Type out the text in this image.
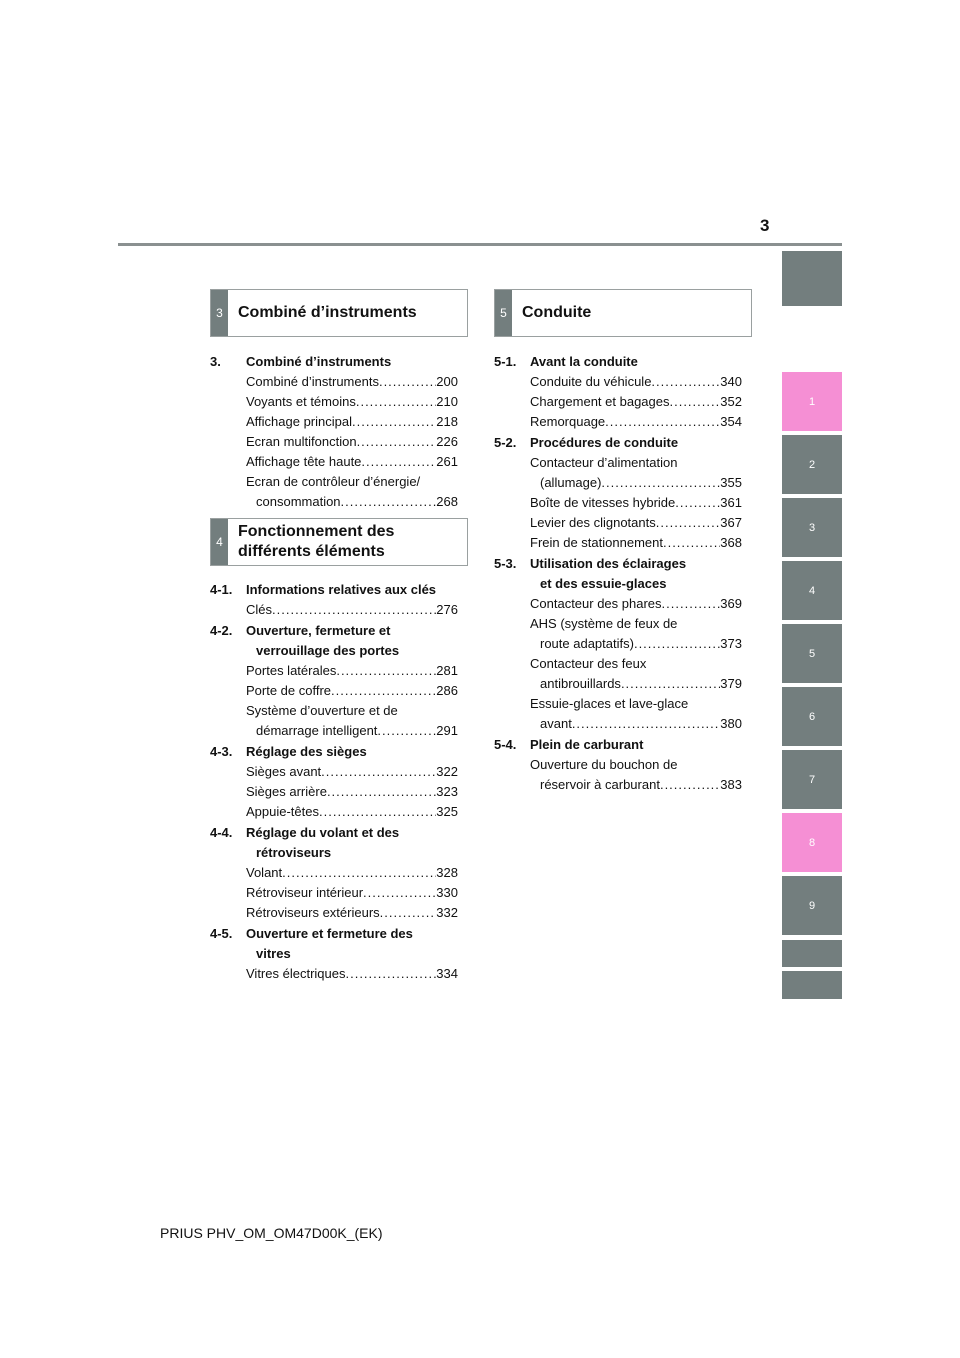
3
1
2
3
4
5
6
7
8
9
3 Combiné d’instruments
3. Combiné d’instruments
Combiné d’instruments .....	200
Voyants et témoins .....	210
Affichage principal .....	218
Ecran multifonction .....	226
Affichage tête haute .....	261
Ecran de contrôleur d’énergie/
consommation .....	268
4
Fonctionnement des
différents éléments
4-1. Informations relatives aux clés
Clés .....	276
4-2. Ouverture, fermeture et
verrouillage des portes
Portes latérales .....	281
Porte de coffre .....	286
Système d’ouverture et de
démarrage intelligent .....	291
4-3. Réglage des sièges
Sièges avant .....	322
Sièges arrière .....	323
Appuie-têtes .....	325
4-4. Réglage du volant et des
rétroviseurs
Volant .....	328
Rétroviseur intérieur .....	330
Rétroviseurs extérieurs .....	332
4-5. Ouverture et fermeture des
vitres
Vitres électriques .....	334
5 Conduite
5-1. Avant la conduite
Conduite du véhicule .....	340
Chargement et bagages .....	352
Remorquage .....	354
5-2. Procédures de conduite
Contacteur d’alimentation
(allumage) .....	355
Boîte de vitesses hybride .....	361
Levier des clignotants .....	367
Frein de stationnement .....	368
5-3. Utilisation des éclairages
et des essuie-glaces
Contacteur des phares .....	369
AHS (système de feux de
route adaptatifs) .....	373
Contacteur des feux
antibrouillards .....	379
Essuie-glaces et lave-glace
avant .....	380
5-4. Plein de carburant
Ouverture du bouchon de
réservoir à carburant .....	383
PRIUS PHV_OM_OM47D00K_(EK)
